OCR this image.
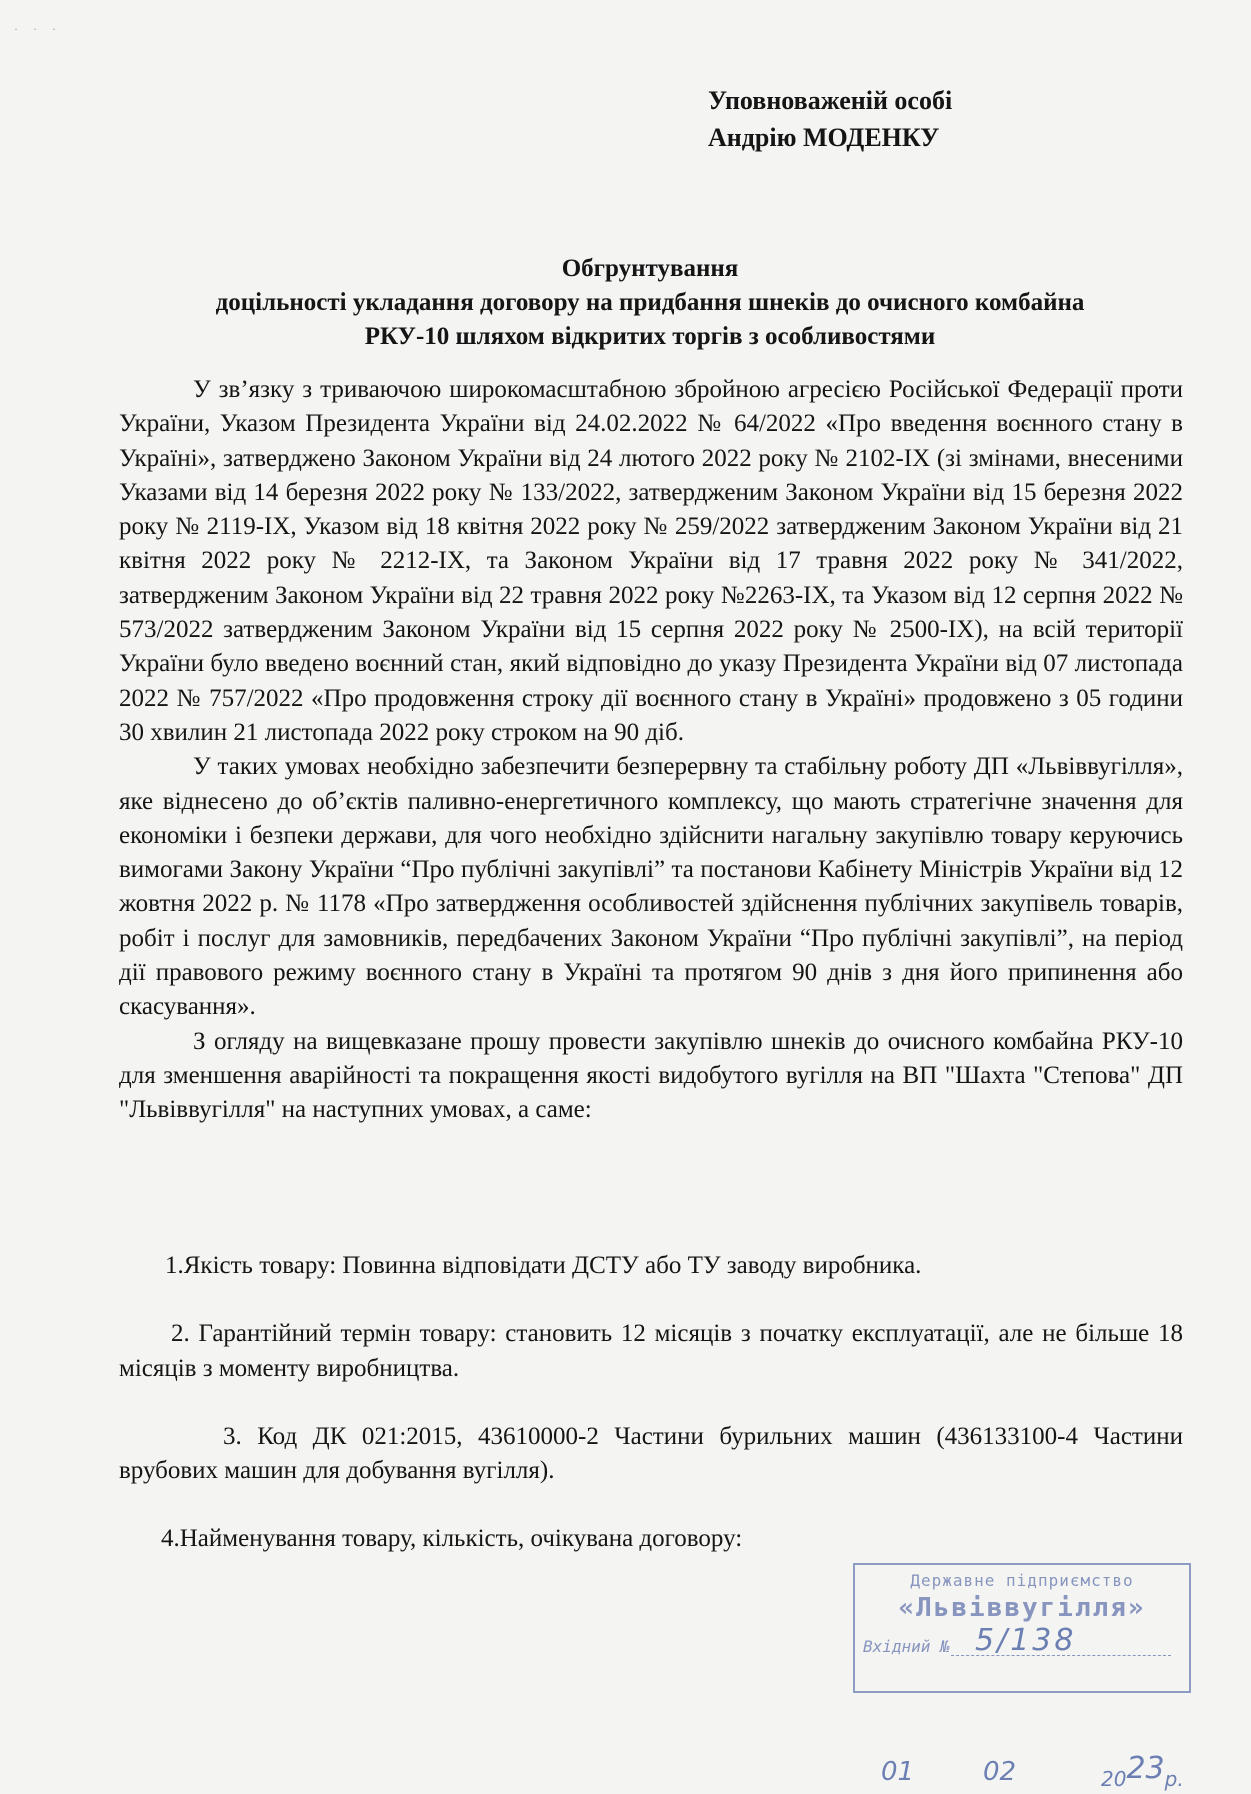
· · ·
Уповноваженій особі
Андрію МОДЕНКУ
Обгрунтування
доцільності укладання договору на придбання шнеків до очисного комбайна
РКУ-10 шляхом відкритих торгів з особливостями

У зв’язку з триваючою широкомасштабною збройною агресією Російської Федерації проти України, Указом Президента України від 24.02.2022 № 64/2022 «Про введення воєнного стану в Україні», затверджено Законом України від 24 лютого 2022 року № 2102-IX (зі змінами, внесеними Указами від 14 березня 2022 року № 133/2022, затвердженим Законом України від 15 березня 2022 року № 2119-IX, Указом від 18 квітня 2022 року № 259/2022 затвердженим Законом України від 21 квітня 2022 року № 2212-IX, та Законом України від 17 травня 2022 року № 341/2022, затвердженим Законом України від 22 травня 2022 року №2263-IX, та Указом від 12 серпня 2022 № 573/2022 затвердженим Законом України від 15 серпня 2022 року № 2500-IX), на всій території України було введено воєнний стан, який відповідно до указу Президента України від 07 листопада 2022 № 757/2022 «Про продовження строку дії воєнного стану в Україні» продовжено з 05 години 30 хвилин 21 листопада 2022 року строком на 90 діб.

У таких умовах необхідно забезпечити безперервну та стабільну роботу ДП «Львіввугілля», яке віднесено до об’єктів паливно-енергетичного комплексу, що мають стратегічне значення для економіки і безпеки держави, для чого необхідно здійснити нагальну закупівлю товару керуючись вимогами Закону України “Про публічні закупівлі” та постанови Кабінету Міністрів України від 12 жовтня 2022 р. № 1178 «Про затвердження особливостей здійснення публічних закупівель товарів, робіт і послуг для замовників, передбачених Законом України “Про публічні закупівлі”, на період дії правового режиму воєнного стану в Україні та протягом 90 днів з дня його припинення або скасування».

З огляду на вищевказане прошу провести закупівлю шнеків до очисного комбайна РКУ-10 для зменшення аварійності та покращення якості видобутого вугілля на ВП "Шахта "Степова" ДП "Львіввугілля" на наступних умовах, а саме:

1.Якість товару: Повинна відповідати ДСТУ або ТУ заводу виробника.

2. Гарантійний термін товару: становить 12 місяців з початку експлуатації, але не більше 18 місяців з моменту виробництва.

3. Код ДК 021:2015, 43610000-2 Частини бурильних машин (436133100-4 Частини врубових машин для добування вугілля).

4.Найменування товару, кількість, очікувана договору:

Державне підприємство
«Львіввугілля»
Вхідний № 5/138
01	02	2023р.
